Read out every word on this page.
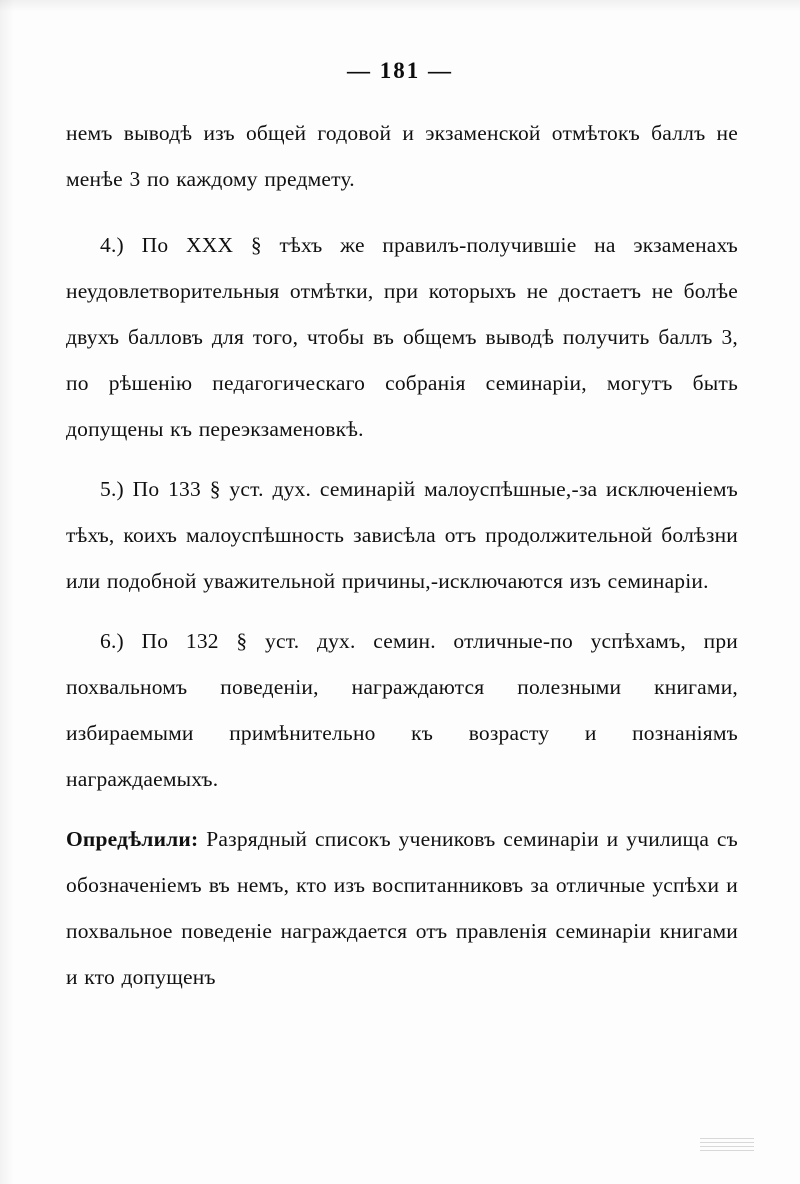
— 181 —

немъ выводѣ изъ общей годовой и экзаменской отмѣтокъ баллъ не менѣе 3 по каждому предмету.

4.) По XXX § тѣхъ же правилъ-получившіе на экзаменахъ неудовлетворительныя отмѣтки, при которыхъ не достаетъ не болѣе двухъ балловъ для того, чтобы въ общемъ выводѣ получить баллъ 3, по рѣшенію педагогическаго собранія семинаріи, могутъ быть допущены къ переэкзаменовкѣ.

5.) По 133 § уст. дух. семинарій малоуспѣшные,-за исключеніемъ тѣхъ, коихъ малоуспѣшность зависѣла отъ продолжительной болѣзни или подобной уважительной причины,-исключаются изъ семинаріи.

6.) По 132 § уст. дух. семин. отличные-по успѣхамъ, при похвальномъ поведеніи, награждаются полезными книгами, избираемыми примѣнительно къ возрасту и познаніямъ награждаемыхъ.

Опредѣлили: Разрядный списокъ учениковъ семинаріи и училища съ обозначеніемъ въ немъ, кто изъ воспитанниковъ за отличные успѣхи и похвальное поведеніе награждается отъ правленія семинаріи книгами и кто допущенъ
